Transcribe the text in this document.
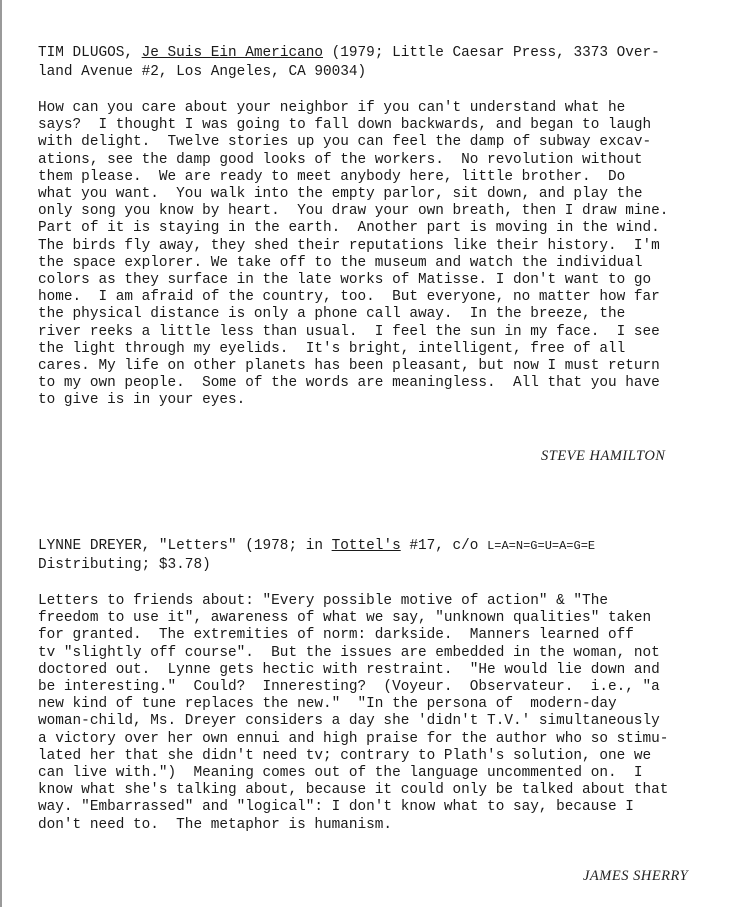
TIM DLUGOS, Je Suis Ein Americano (1979; Little Caesar Press, 3373 Over-
land Avenue #2, Los Angeles, CA 90034)

How can you care about your neighbor if you can't understand what he
says?  I thought I was going to fall down backwards, and began to laugh
with delight.  Twelve stories up you can feel the damp of subway excav-
ations, see the damp good looks of the workers.  No revolution without
them please.  We are ready to meet anybody here, little brother.  Do
what you want.  You walk into the empty parlor, sit down, and play the
only song you know by heart.  You draw your own breath, then I draw mine.
Part of it is staying in the earth.  Another part is moving in the wind.
The birds fly away, they shed their reputations like their history.  I'm
the space explorer. We take off to the museum and watch the individual
colors as they surface in the late works of Matisse. I don't want to go
home.  I am afraid of the country, too.  But everyone, no matter how far
the physical distance is only a phone call away.  In the breeze, the
river reeks a little less than usual.  I feel the sun in my face.  I see
the light through my eyelids.  It's bright, intelligent, free of all
cares. My life on other planets has been pleasant, but now I must return
to my own people.  Some of the words are meaningless.  All that you have
to give is in your eyes.
STEVE HAMILTON

LYNNE DREYER, "Letters" (1978; in Tottel's #17, c/o L=A=N=G=U=A=G=E
Distributing; $3.78)

Letters to friends about: "Every possible motive of action" & "The
freedom to use it", awareness of what we say, "unknown qualities" taken
for granted.  The extremities of norm: darkside.  Manners learned off
tv "slightly off course".  But the issues are embedded in the woman, not
doctored out.  Lynne gets hectic with restraint.  "He would lie down and
be interesting."  Could?  Inneresting?  (Voyeur.  Observateur.  i.e., "a
new kind of tune replaces the new."  "In the persona of  modern-day
woman-child, Ms. Dreyer considers a day she 'didn't T.V.' simultaneously
a victory over her own ennui and high praise for the author who so stimu-
lated her that she didn't need tv; contrary to Plath's solution, one we
can live with.")  Meaning comes out of the language uncommented on.  I
know what she's talking about, because it could only be talked about that
way. "Embarrassed" and "logical": I don't know what to say, because I
don't need to.  The metaphor is humanism.
JAMES SHERRY
